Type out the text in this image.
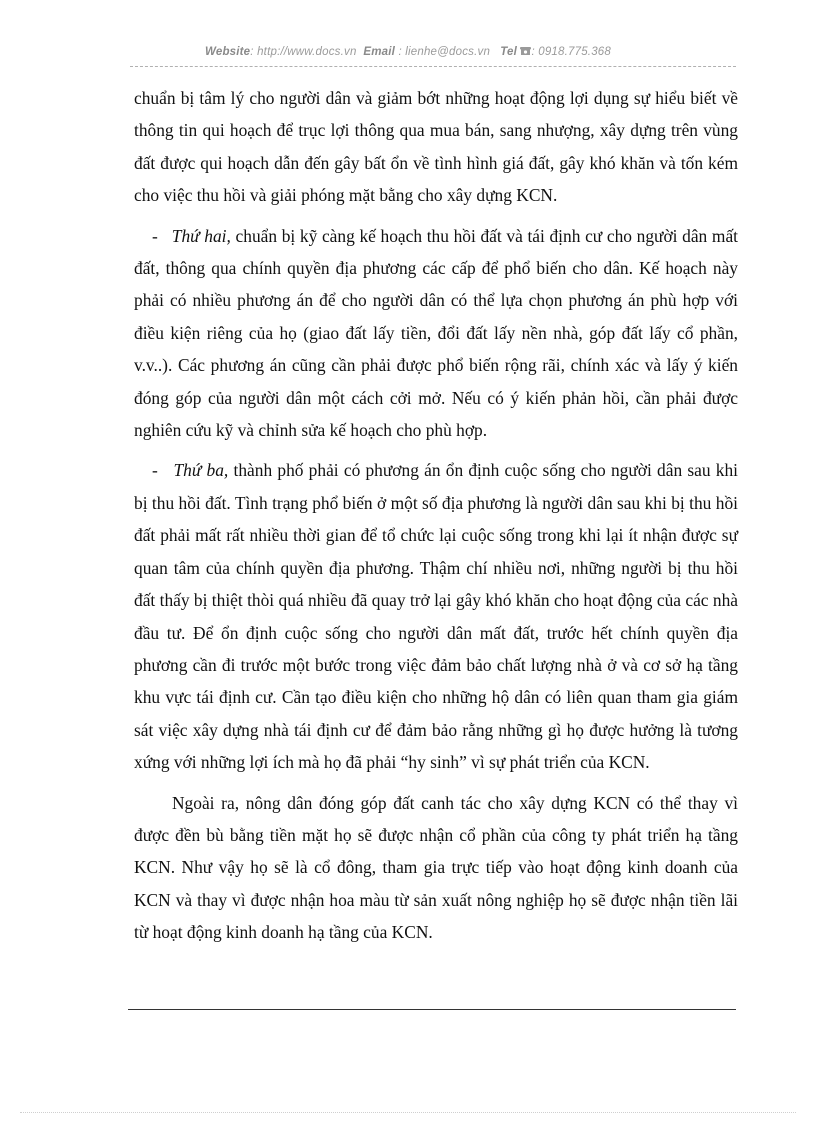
Website: http://www.docs.vn Email : lienhe@docs.vn Tel : 0918.775.368

chuẩn bị tâm lý cho người dân và giảm bớt những hoạt động lợi dụng sự hiểu biết về thông tin qui hoạch để trục lợi thông qua mua bán, sang nhượng, xây dựng trên vùng đất được qui hoạch dẫn đến gây bất ổn về tình hình giá đất, gây khó khăn và tốn kém cho việc thu hồi và giải phóng mặt bằng cho xây dựng KCN.

- Thứ hai, chuẩn bị kỹ càng kế hoạch thu hồi đất và tái định cư cho người dân mất đất, thông qua chính quyền địa phương các cấp để phổ biến cho dân. Kế hoạch này phải có nhiều phương án để cho người dân có thể lựa chọn phương án phù hợp với điều kiện riêng của họ (giao đất lấy tiền, đổi đất lấy nền nhà, góp đất lấy cổ phần, v.v..). Các phương án cũng cần phải được phổ biến rộng rãi, chính xác và lấy ý kiến đóng góp của người dân một cách cởi mở. Nếu có ý kiến phản hồi, cần phải được nghiên cứu kỹ và chỉnh sửa kế hoạch cho phù hợp.

- Thứ ba, thành phố phải có phương án ổn định cuộc sống cho người dân sau khi bị thu hồi đất. Tình trạng phổ biến ở một số địa phương là người dân sau khi bị thu hồi đất phải mất rất nhiều thời gian để tổ chức lại cuộc sống trong khi lại ít nhận được sự quan tâm của chính quyền địa phương. Thậm chí nhiều nơi, những người bị thu hồi đất thấy bị thiệt thòi quá nhiều đã quay trở lại gây khó khăn cho hoạt động của các nhà đầu tư. Để ổn định cuộc sống cho người dân mất đất, trước hết chính quyền địa phương cần đi trước một bước trong việc đảm bảo chất lượng nhà ở và cơ sở hạ tầng khu vực tái định cư. Cần tạo điều kiện cho những hộ dân có liên quan tham gia giám sát việc xây dựng nhà tái định cư để đảm bảo rằng những gì họ được hưởng là tương xứng với những lợi ích mà họ đã phải “hy sinh” vì sự phát triển của KCN.

Ngoài ra, nông dân đóng góp đất canh tác cho xây dựng KCN có thể thay vì được đền bù bằng tiền mặt họ sẽ được nhận cổ phần của công ty phát triển hạ tầng KCN. Như vậy họ sẽ là cổ đông, tham gia trực tiếp vào hoạt động kinh doanh của KCN và thay vì được nhận hoa màu từ sản xuất nông nghiệp họ sẽ được nhận tiền lãi từ hoạt động kinh doanh hạ tầng của KCN.
